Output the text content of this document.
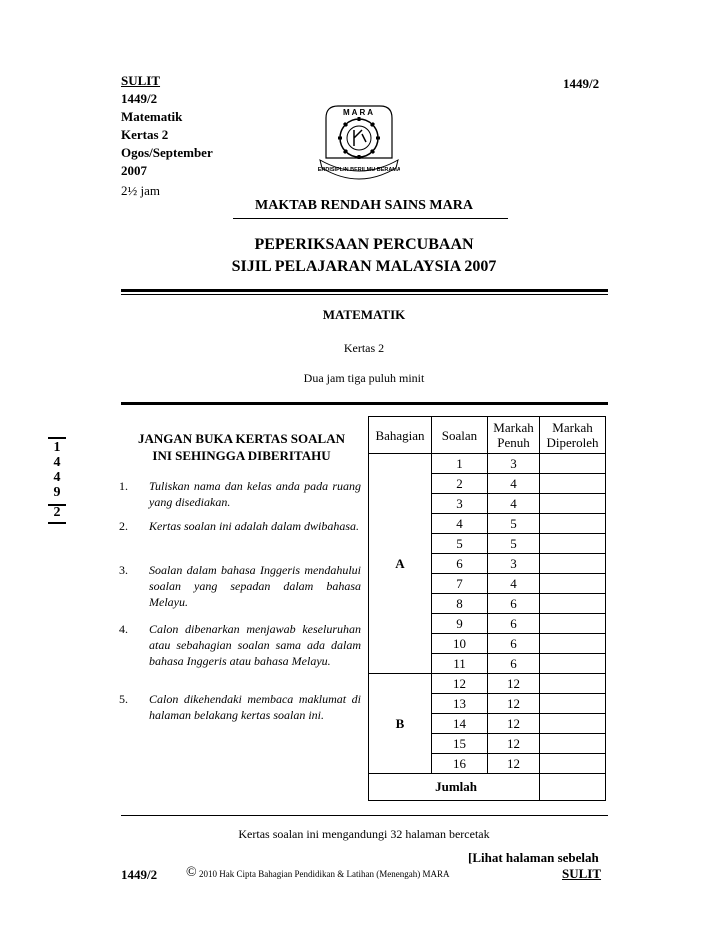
SULIT
1449/2
Matematik
Kertas 2
Ogos/September
2007
2½ jam
1449/2
MARA
BERDISIPLIN BERILMU BERAMAL
MAKTAB RENDAH SAINS MARA
PEPERIKSAAN PERCUBAAN
SIJIL PELAJARAN MALAYSIA 2007
MATEMATIK
Kertas 2
Dua jam tiga puluh minit
1
4
4
9
2
JANGAN BUKA KERTAS SOALAN
INI SEHINGGA DIBERITAHU
1. Tuliskan nama dan kelas anda pada ruang yang disediakan.
2. Kertas soalan ini adalah dalam dwibahasa.
3. Soalan dalam bahasa Inggeris mendahului soalan yang sepadan dalam bahasa Melayu.
4. Calon dibenarkan menjawab keseluruhan atau sebahagian soalan sama ada dalam bahasa Inggeris atau bahasa Melayu.
5. Calon dikehendaki membaca maklumat di halaman belakang kertas soalan ini.
Bahagian	Soalan	Markah Penuh	Markah Diperoleh
A	1	3	
	2	4	
	3	4	
	4	5	
	5	5	
	6	3	
	7	4	
	8	6	
	9	6	
	10	6	
	11	6	
B	12	12	
	13	12	
	14	12	
	15	12	
	16	12	
Jumlah			
Kertas soalan ini mengandungi 32 halaman bercetak
[Lihat halaman sebelah
1449/2 © 2010 Hak Cipta Bahagian Pendidikan & Latihan (Menengah) MARA	SULIT
